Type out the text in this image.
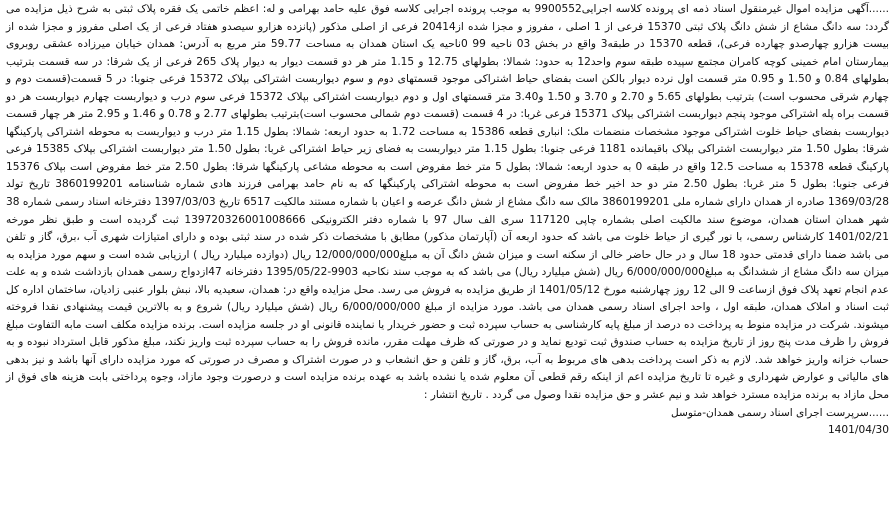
......آگهی مزایده اموال غیرمنقول اسناد ذمه ای پرونده کلاسه اجرایی9900552 به موجب پرونده اجرایی کلاسه فوق علیه حامد بهرامی و له: اعظم خاتمی یک فقره پلاک ثبتی به شرح ذیل مزایده می گردد: سه دانگ مشاع از شش دانگ پلاک ثبتی 15370 فرعی از 1 اصلی ، مفروز و مجزا شده از20414 فرعی از اصلی مذکور (پانزده هزارو سیصدو هفتاد فرعی از یک اصلی مفروز و مجزا شده از بیست هزارو چهارصدو چهارده فرعی)، قطعه 15370 در طبقه3 واقع در بخش 03 ناحیه 99 0ناحیه یک استان همدان به مساحت 59.77 متر مربع به آدرس: همدان خیابان میرزاده عشقی روبروی بیمارستان امام خمینی کوچه کامران مجتمع سپیده طبقه سوم واحد12 به حدود: شمالا: بطولهای 12.75 و 1.15 متر هر دو قسمت دیوار به دیوار پلاک 265 فرعی از یک شرقا: در سه قسمت بترتیب بطولهای 0.84 و 1.50 و 0.95 متر قسمت اول نرده دیوار بالکن است بفضای حیاط اشتراکی موجود قسمتهای دوم و سوم دیواربست اشتراکی بپلاک 15372 فرعی جنوبا: در 5 قسمت(قسمت دوم و چهارم شرقی محسوب است) بترتیب بطولهای 5.65 و 2.70 و 3.70 و 1.50 و3.40 متر قسمتهای اول و دوم دیواربست اشتراکی بپلاک 15372 فرعی سوم درب و دیواربست چهارم دیواربست هر دو قسمت براه پله اشتراکی موجود پنجم دیواربست اشتراکی بپلاک 15371 فرعی غربا: در 4 قسمت (قسمت دوم شمالی محسوب است)بترتیب بطولهای 2.77 و 0.78 و 1.46 و 2.95 متر هر چهار قسمت دیواربست بفضای حیاط خلوت اشتراکی موجود مشخصات منضمات ملک: انباری قطعه 15386 به مساحت 1.72 به حدود اربعه: شمالا: بطول 1.15 متر درب و دیواربست به محوطه اشتراکی پارکینگها شرقا: بطول 1.50 متر دیواربست اشتراکی بپلاک باقیمانده 1181 فرعی جنوبا: بطول 1.15 متر دیواربست به فضای زیر حیاط اشتراکی غربا: بطول 1.50 متر دیواربست اشتراکی بپلاک 15385 فرعی پارکینگ قطعه 15378 به مساحت 12.5 واقع در طبقه 0 به حدود اربعه: شمالا: بطول 5 متر خط مفروض است به محوطه مشاعی پارکینگها شرقا: بطول 2.50 متر خط مفروض است بپلاک 15376 فرعی جنوبا: بطول 5 متر غربا: بطول 2.50 متر دو حد اخیر خط مفروض است به محوطه اشتراکی پارکینگها که به نام حامد بهرامی فرزند هادی شماره شناسنامه 3860199201 تاریخ تولد 1369/03/28 صادره از همدان دارای شماره ملی 3860199201 مالک سه دانگ مشاع از شش دانگ عرصه و اعیان با شماره مستند مالکیت 6517 تاریخ 1397/03/03 دفترخانه اسناد رسمی شماره 38 شهر همدان استان همدان، موضوع سند مالکیت اصلی بشماره چاپی 117120 سری الف سال 97 با شماره دفتر الکترونیکی 139720326001008666 ثبت گردیده است و طبق نظر مورخه 1401/02/21 کارشناس رسمی، با نور گیری از حیاط خلوت می باشد که حدود اربعه آن (آپارتمان مذکور) مطابق با مشخصات ذکر شده در سند ثبتی بوده و دارای امتیازات شهری آب ،برق، گاز و تلفن می باشد ضمنا دارای قدمتی حدود 18 سال و در حال حاضر خالی از سکنه است و میزان شش دانگ آن به مبلغ12/000/000/000 ریال (دوازده میلیارد ریال ) ارزیابی شده است و سهم مورد مزایده به میزان سه دانگ مشاع از ششدانگ به مبلغ6/000/000/000 ریال (شش میلیارد ریال) می باشد که به موجب سند نکاحیه 9903-1395/05/22 دفترخانه 47ازدواج رسمی همدان بازداشت شده و به علت عدم انجام تعهد پلاک فوق ازساعت 9 الی 12 روز چهارشنبه مورخ 1401/05/12 از طریق مزایده به فروش می رسد. محل مزایده واقع در: همدان، سعیدیه بالا، نبش بلوار عنبی زادیان، ساختمان اداره کل ثبت اسناد و املاک همدان، طبقه اول ، واحد اجرای اسناد رسمی همدان می باشد. مورد مزایده از مبلغ 6/000/000/000 ریال (شش میلیارد ریال) شروع و به بالاترین قیمت پیشنهادی نقدا فروخته میشوند. شرکت در مزایده منوط به پرداخت ده درصد از مبلغ پایه کارشناسی به حساب سپرده ثبت و حضور خریدار یا نماینده قانونی او در جلسه مزایده است. برنده مزایده مکلف است مابه التفاوت مبلغ فروش را ظرف مدت پنج روز از تاریخ مزایده به حساب صندوق ثبت تودیع نماید و در صورتی که ظرف مهلت مقرر، مانده فروش را به حساب سپرده ثبت واریز نکند، مبلغ مذکور قابل استرداد نبوده و به حساب خزانه واریز خواهد شد. لازم به ذکر است پرداخت بدهی های مربوط به آب، برق، گاز و تلفن و حق انشعاب و در صورت اشتراک و مصرف در صورتی که مورد مزایده دارای آنها باشد و نیز بدهی های مالیاتی و عوارض شهرداری و غیره تا تاریخ مزایده اعم از اینکه رقم قطعی آن معلوم شده یا نشده باشد به عهده برنده مزایده است و درصورت وجود مازاد، وجوه پرداختی بابت هزینه های فوق از محل مازاد به برنده مزایده مسترد خواهد شد و نیم عشر و حق مزایده نقدا وصول می گردد . تاریخ انتشار :

......سرپرست اجرای اسناد رسمی همدان-متوسل

1401/04/30
